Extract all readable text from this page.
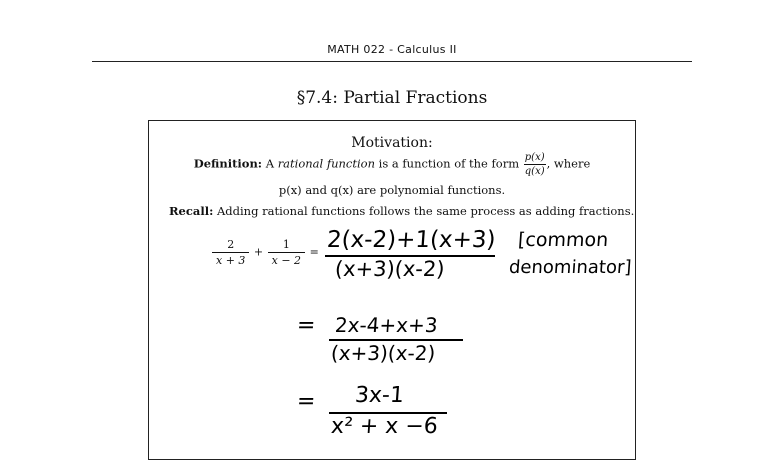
MATH 022 - Calculus II
§7.4: Partial Fractions
Motivation:
Definition: A rational function is a function of the form $\frac{p(x)}{q(x)}$ , where
p(x) and q(x) are polynomial functions.
Recall: Adding rational functions follows the same process as adding fractions.
$\frac{2}{x + 3} + \frac{1}{x - 2} = 2(x-2)+1(x+3)$
(x+3)(x-2)
[common
denominator]
= 2x-4+x+3
(x+3)(x-2)
= 3x-1
x² + x −6
